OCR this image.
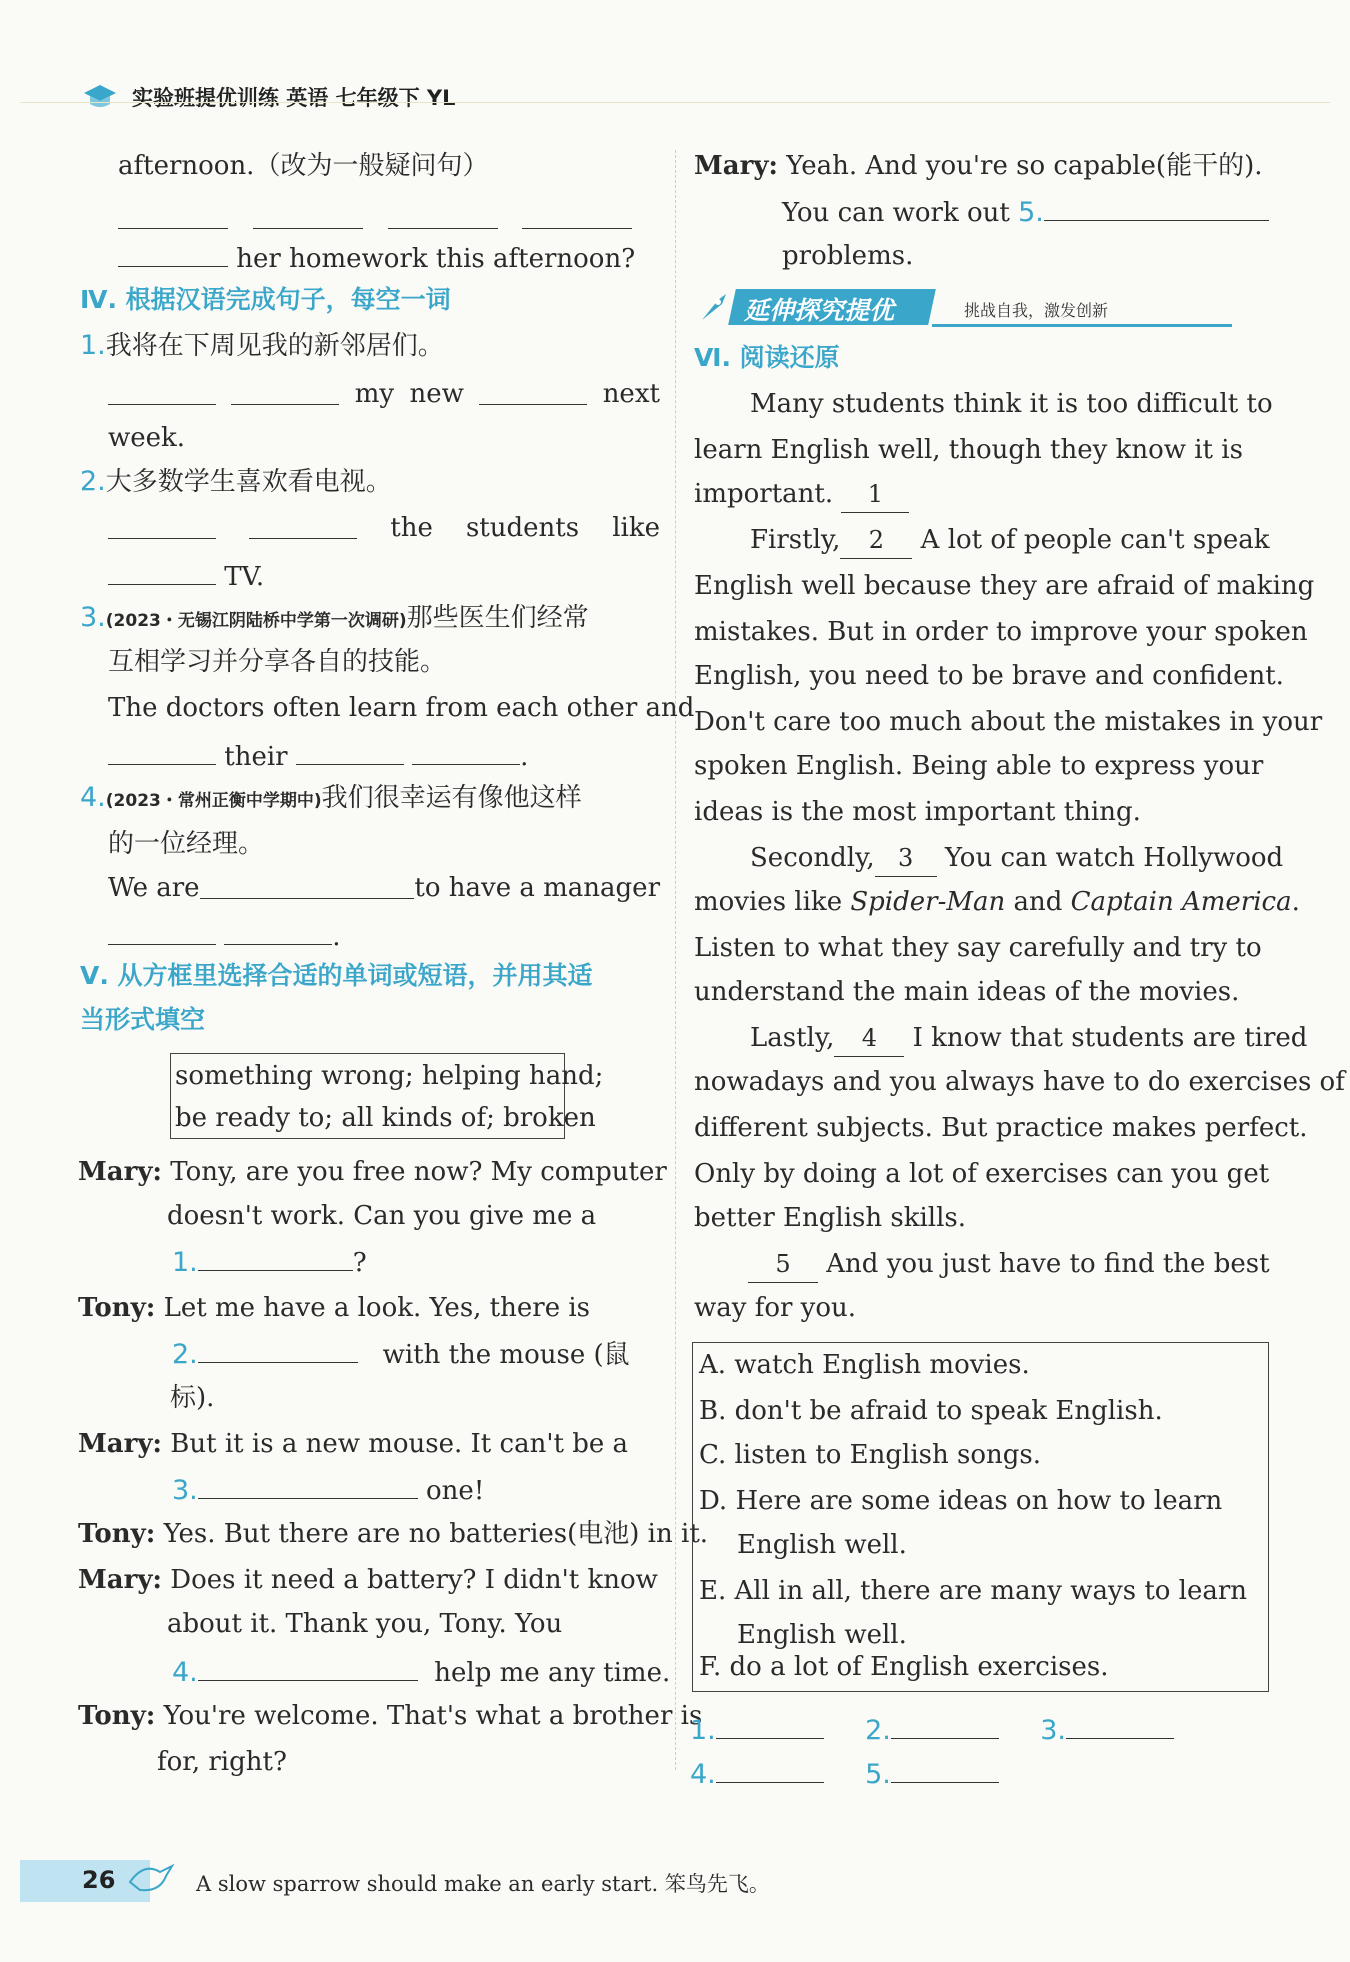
实验班提优训练 英语 七年级下 YL
afternoon.（改为一般疑问句）

her homework this afternoon?
Ⅳ. 根据汉语完成句子，每空一词
1.我将在下周见我的新邻居们。
my new	next
week.
2.大多数学生喜欢看电视。
the students like
TV.
3.(2023・无锡江阴陆桥中学第一次调研)那些医生们经常
互相学习并分享各自的技能。
The doctors often learn from each other and
their	.
4.(2023・常州正衡中学期中)我们很幸运有像他这样
的一位经理。
We are	to have a manager
.
Ⅴ. 从方框里选择合适的单词或短语，并用其适
当形式填空
something wrong; helping hand;
be ready to; all kinds of; broken
Mary: Tony, are you free now? My computer
doesn't work. Can you give me a
1.	?
Tony: Let me have a look. Yes, there is
2.	with the mouse (鼠
标).
Mary: But it is a new mouse. It can't be a
3.	one!
Tony: Yes. But there are no batteries(电池) in it.
Mary: Does it need a battery? I didn't know
about it. Thank you, Tony. You
4.	help me any time.
Tony: You're welcome. That's what a brother is
for, right?
Mary: Yeah. And you're so capable(能干的).
You can work out 5.
problems.
延伸探究提优	挑战自我，激发创新
Ⅵ. 阅读还原
Many students think it is too difficult to
learn English well, though they know it is
important. 1
Firstly, 2 A lot of people can't speak
English well because they are afraid of making
mistakes. But in order to improve your spoken
English, you need to be brave and confident.
Don't care too much about the mistakes in your
spoken English. Being able to express your
ideas is the most important thing.
Secondly, 3 You can watch Hollywood
movies like Spider-Man and Captain America.
Listen to what they say carefully and try to
understand the main ideas of the movies.
Lastly, 4 I know that students are tired
nowadays and you always have to do exercises of
different subjects. But practice makes perfect.
Only by doing a lot of exercises can you get
better English skills.
5 And you just have to find the best
way for you.
A. watch English movies.
B. don't be afraid to speak English.
C. listen to English songs.
D. Here are some ideas on how to learn
English well.
E. All in all, there are many ways to learn
English well.
F. do a lot of English exercises.
1.	2.	3.
4.	5.
26	A slow sparrow should make an early start. 笨鸟先飞。
